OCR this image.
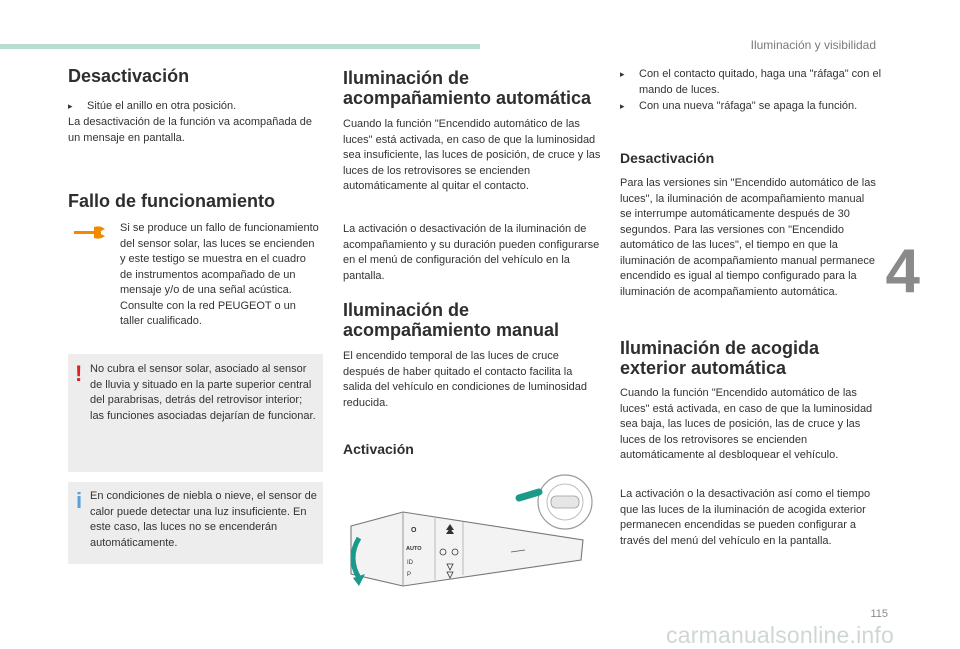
Iluminación y visibilidad
4
Desactivación
▸ Sitúe el anillo en otra posición.

La desactivación de la función va acompañada de un mensaje en pantalla.

Fallo de funcionamiento

Si se produce un fallo de funcionamiento del sensor solar, las luces se encienden y este testigo se muestra en el cuadro de instrumentos acompañado de un mensaje y/o de una señal acústica. Consulte con la red PEUGEOT o un taller cualificado.

! No cubra el sensor solar, asociado al sensor de lluvia y situado en la parte superior central del parabrisas, detrás del retrovisor interior; las funciones asociadas dejarían de funcionar.

i En condiciones de niebla o nieve, el sensor de calor puede detectar una luz insuficiente. En este caso, las luces no se encenderán automáticamente.

Iluminación de acompañamiento automática

Cuando la función "Encendido automático de las luces" está activada, en caso de que la luminosidad sea insuficiente, las luces de posición, de cruce y las luces de los retrovisores se encienden automáticamente al quitar el contacto.

La activación o desactivación de la iluminación de acompañamiento y su duración pueden configurarse en el menú de configuración del vehículo en la pantalla.

Iluminación de acompañamiento manual

El encendido temporal de las luces de cruce después de haber quitado el contacto facilita la salida del vehículo en condiciones de luminosidad reducida.

Activación
O
AUTO
ID
P
▸ Con el contacto quitado, haga una "ráfaga" con el mando de luces.
▸ Con una nueva "ráfaga" se apaga la función.
Desactivación

Para las versiones sin "Encendido automático de las luces", la iluminación de acompañamiento manual se interrumpe automáticamente después de 30 segundos. Para las versiones con "Encendido automático de las luces", el tiempo en que la iluminación de acompañamiento manual permanece encendido es igual al tiempo configurado para la iluminación de acompañamiento automática.

Iluminación de acogida exterior automática

Cuando la función "Encendido automático de las luces" está activada, en caso de que la luminosidad sea baja, las luces de posición, las de cruce y las luces de los retrovisores se encienden automáticamente al desbloquear el vehículo.

La activación o la desactivación así como el tiempo que las luces de la iluminación de acogida exterior permanecen encendidas se pueden configurar a través del menú del vehículo en la pantalla.

115
carmanualsonline.info
